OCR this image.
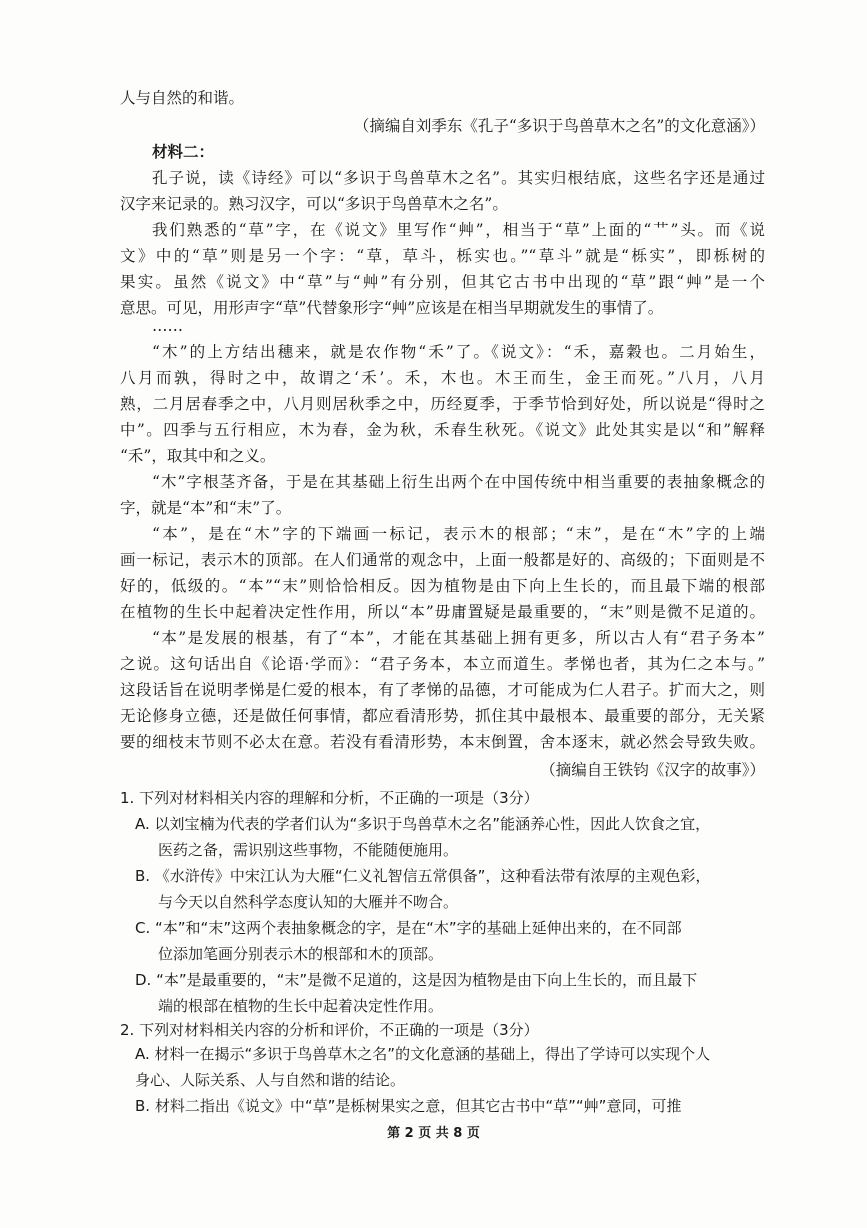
人与自然的和谐。
（摘编自刘季东《孔子“多识于鸟兽草木之名”的文化意涵》）
材料二：
孔子说，读《诗经》可以“多识于鸟兽草木之名”。其实归根结底，这些名字还是通过
汉字来记录的。熟习汉字，可以“多识于鸟兽草木之名”。
我们熟悉的“草”字，在《说文》里写作“艸”，相当于“草”上面的“艹”头。而《说
文》中的“草”则是另一个字：“草，草斗，栎实也。”“草斗”就是“栎实”，即栎树的
果实。虽然《说文》中“草”与“艸”有分别，但其它古书中出现的“草”跟“艸”是一个
意思。可见，用形声字“草”代替象形字“艸”应该是在相当早期就发生的事情了。
……
“木”的上方结出穗来，就是农作物“禾”了。《说文》：“禾，嘉穀也。二月始生，
八月而孰，得时之中，故谓之‘禾’。禾，木也。木王而生，金王而死。”八月，八月
熟，二月居春季之中，八月则居秋季之中，历经夏季，于季节恰到好处，所以说是“得时之
中”。四季与五行相应，木为春，金为秋，禾春生秋死。《说文》此处其实是以“和”解释
“禾”，取其中和之义。
“木”字根茎齐备，于是在其基础上衍生出两个在中国传统中相当重要的表抽象概念的
字，就是“本”和“末”了。
“本”，是在“木”字的下端画一标记，表示木的根部；“末”，是在“木”字的上端
画一标记，表示木的顶部。在人们通常的观念中，上面一般都是好的、高级的；下面则是不
好的，低级的。“本”“末”则恰恰相反。因为植物是由下向上生长的，而且最下端的根部
在植物的生长中起着决定性作用，所以“本”毋庸置疑是最重要的，“末”则是微不足道的。
“本”是发展的根基，有了“本”，才能在其基础上拥有更多，所以古人有“君子务本”
之说。这句话出自《论语·学而》：“君子务本，本立而道生。孝悌也者，其为仁之本与。”
这段话旨在说明孝悌是仁爱的根本，有了孝悌的品德，才可能成为仁人君子。扩而大之，则
无论修身立德，还是做任何事情，都应看清形势，抓住其中最根本、最重要的部分，无关紧
要的细枝末节则不必太在意。若没有看清形势，本末倒置，舍本逐末，就必然会导致失败。
（摘编自王铁钧《汉字的故事》）
1. 下列对材料相关内容的理解和分析，不正确的一项是（3分）
A. 以刘宝楠为代表的学者们认为“多识于鸟兽草木之名”能涵养心性，因此人饮食之宜，
医药之备，需识别这些事物，不能随便施用。
B. 《水浒传》中宋江认为大雁“仁义礼智信五常俱备”，这种看法带有浓厚的主观色彩，
与今天以自然科学态度认知的大雁并不吻合。
C. “本”和“末”这两个表抽象概念的字，是在“木”字的基础上延伸出来的，在不同部
位添加笔画分别表示木的根部和木的顶部。
D. “本”是最重要的，“末”是微不足道的，这是因为植物是由下向上生长的，而且最下
端的根部在植物的生长中起着决定性作用。
2. 下列对材料相关内容的分析和评价，不正确的一项是（3分）
A. 材料一在揭示“多识于鸟兽草木之名”的文化意涵的基础上，得出了学诗可以实现个人
第 2 页 共 8 页
身心、人际关系、人与自然和谐的结论。
B. 材料二指出《说文》中“草”是栎树果实之意，但其它古书中“草”“艸”意同，可推
